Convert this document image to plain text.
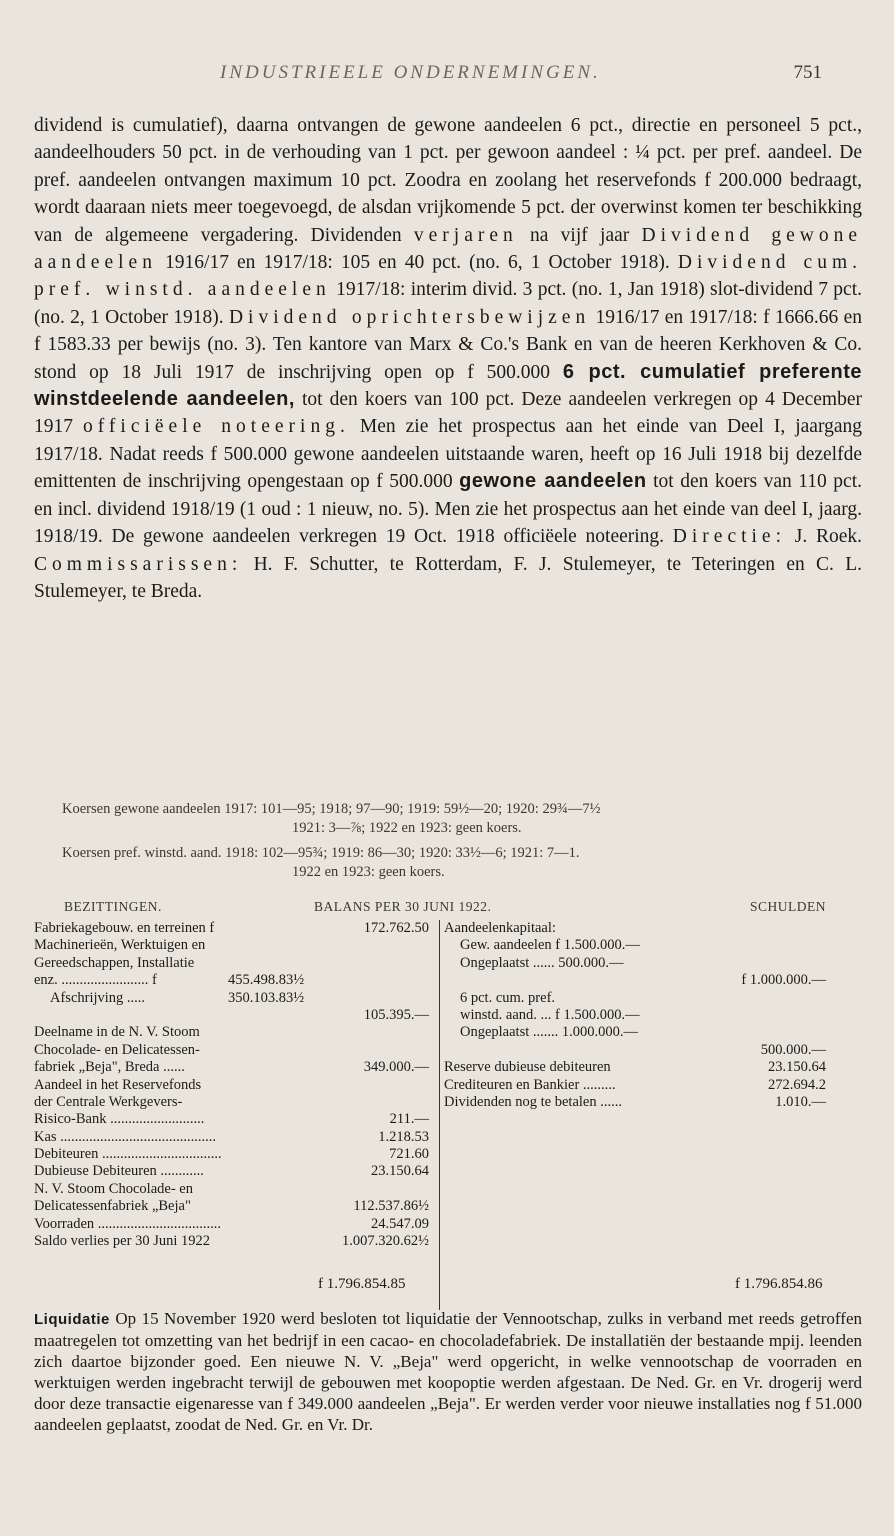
INDUSTRIEELE ONDERNEMINGEN.	751

dividend is cumulatief), daarna ontvangen de gewone aandeelen 6 pct., directie en personeel 5 pct., aandeelhouders 50 pct. in de verhouding van 1 pct. per gewoon aandeel : ¼ pct. per pref. aandeel. De pref. aandeelen ontvangen maximum 10 pct. Zoodra en zoolang het reservefonds f 200.000 bedraagt, wordt daaraan niets meer toegevoegd, de alsdan vrijkomende 5 pct. der overwinst komen ter beschikking van de algemeene vergadering. Dividenden verjaren na vijf jaar Dividend gewone aandeelen 1916/17 en 1917/18: 105 en 40 pct. (no. 6, 1 October 1918). Dividend cum. pref. winstd. aandeelen 1917/18: interim divid. 3 pct. (no. 1, Jan 1918) slot-dividend 7 pct. (no. 2, 1 October 1918). Dividend oprichtersbewijzen 1916/17 en 1917/18: f 1666.66 en f 1583.33 per bewijs (no. 3). Ten kantore van Marx & Co.'s Bank en van de heeren Kerkhoven & Co. stond op 18 Juli 1917 de inschrijving open op f 500.000 6 pct. cumulatief preferente winstdeelende aandeelen, tot den koers van 100 pct. Deze aandeelen verkregen op 4 December 1917 officiëele noteering. Men zie het prospectus aan het einde van Deel I, jaargang 1917/18. Nadat reeds f 500.000 gewone aandeelen uitstaande waren, heeft op 16 Juli 1918 bij dezelfde emittenten de inschrijving opengestaan op f 500.000 gewone aandeelen tot den koers van 110 pct. en incl. dividend 1918/19 (1 oud : 1 nieuw, no. 5). Men zie het prospectus aan het einde van deel I, jaarg. 1918/19. De gewone aandeelen verkregen 19 Oct. 1918 officiëele noteering. Directie: J. Roek. Commissarissen: H. F. Schutter, te Rotterdam, F. J. Stulemeyer, te Teteringen en C. L. Stulemeyer, te Breda.

Koersen gewone aandeelen 1917: 101—95; 1918; 97—90; 1919: 59½—20; 1920: 29¾—7½
1921: 3—⅞; 1922 en 1923: geen koers.
Koersen pref. winstd. aand. 1918: 102—95¾; 1919: 86—30; 1920: 33½—6; 1921: 7—1.
1922 en 1923: geen koers.
BEZITTINGEN.	BALANS PER 30 JUNI 1922.	SCHULDEN
Fabriekagebouw. en terreinen f	172.762.50
Machinerieën, Werktuigen en
Gereedschappen, Installatie
enz. ........................ f	455.498.83½
Afschrijving .....	350.103.83½
105.395.—
Deelname in de N. V. Stoom
Chocolade- en Delicatessen-
fabriek „Beja", Breda ......	349.000.—
Aandeel in het Reservefonds
der Centrale Werkgevers-
Risico-Bank ..........................	211.—
Kas ...........................................	1.218.53
Debiteuren .................................	721.60
Dubieuse Debiteuren ............	23.150.64
N. V. Stoom Chocolade- en
Delicatessenfabriek „Beja"	112.537.86½
Voorraden ..................................	24.547.09
Saldo verlies per 30 Juni 1922	1.007.320.62½
Aandeelenkapitaal:
Gew. aandeelen f 1.500.000.—
Ongeplaatst ...... 500.000.—
f 1.000.000.—
6 pct. cum. pref.
winstd. aand. ... f 1.500.000.—
Ongeplaatst ....... 1.000.000.—
500.000.—
Reserve dubieuse debiteuren	23.150.64
Crediteuren en Bankier .........	272.694.2
Dividenden nog te betalen ......	1.010.—
f 1.796.854.85	f 1.796.854.86

Liquidatie Op 15 November 1920 werd besloten tot liquidatie der Vennootschap, zulks in verband met reeds getroffen maatregelen tot omzetting van het bedrijf in een cacao- en chocoladefabriek. De installatiën der bestaande mpij. leenden zich daartoe bijzonder goed. Een nieuwe N. V. „Beja" werd opgericht, in welke vennootschap de voorraden en werktuigen werden ingebracht terwijl de gebouwen met koopoptie werden afgestaan. De Ned. Gr. en Vr. drogerij werd door deze transactie eigenaresse van f 349.000 aandeelen „Beja". Er werden verder voor nieuwe installaties nog f 51.000 aandeelen geplaatst, zoodat de Ned. Gr. en Vr. Dr.
